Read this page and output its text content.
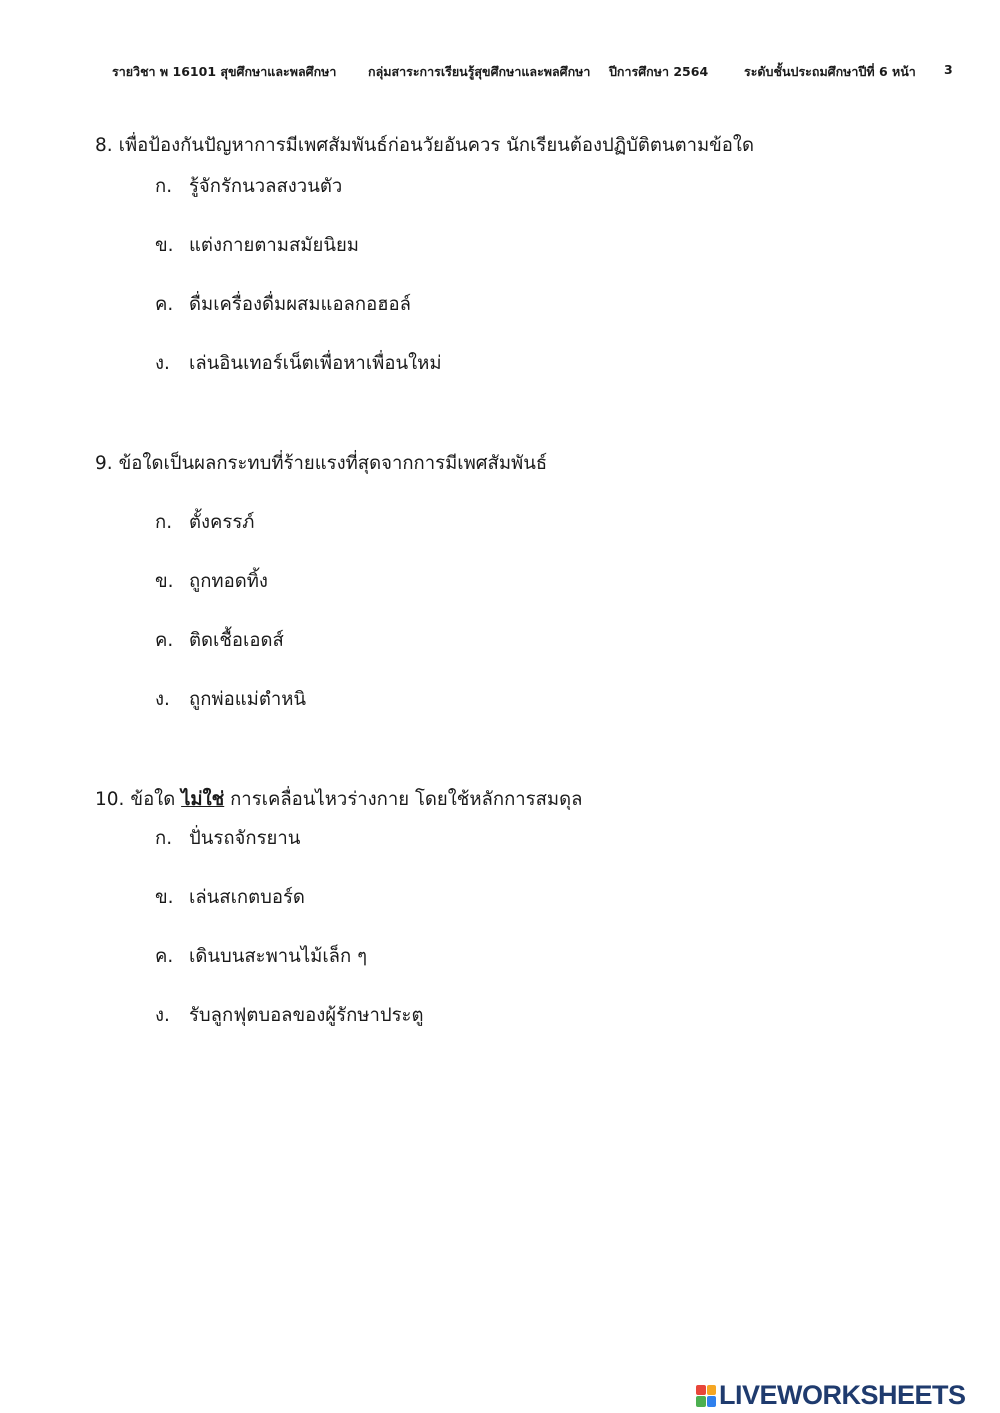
รายวิชา พ 16101 สุขศึกษาและพลศึกษา	กลุ่มสาระการเรียนรู้สุขศึกษาและพลศึกษา ปีการศึกษา 2564	ระดับชั้นประถมศึกษาปีที่ 6 หน้า 3
8. เพื่อป้องกันปัญหาการมีเพศสัมพันธ์ก่อนวัยอันควร นักเรียนต้องปฏิบัติตนตามข้อใด
ก. รู้จักรักนวลสงวนตัว
ข. แต่งกายตามสมัยนิยม
ค. ดื่มเครื่องดื่มผสมแอลกอฮอล์
ง. เล่นอินเทอร์เน็ตเพื่อหาเพื่อนใหม่
9. ข้อใดเป็นผลกระทบที่ร้ายแรงที่สุดจากการมีเพศสัมพันธ์
ก. ตั้งครรภ์
ข. ถูกทอดทิ้ง
ค. ติดเชื้อเอดส์
ง. ถูกพ่อแม่ตำหนิ
10. ข้อใด ไม่ใช่ การเคลื่อนไหวร่างกาย โดยใช้หลักการสมดุล
ก. ปั่นรถจักรยาน
ข. เล่นสเกตบอร์ด
ค. เดินบนสะพานไม้เล็ก ๆ
ง. รับลูกฟุตบอลของผู้รักษาประตู
LIVEWORKSHEETS
